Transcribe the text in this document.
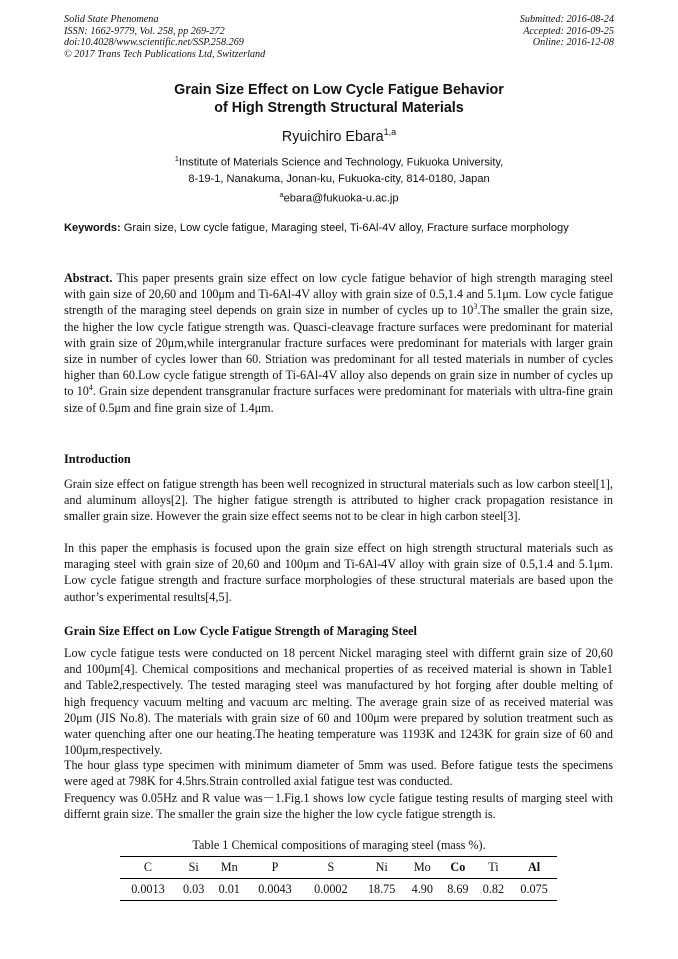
Solid State Phenomena
ISSN: 1662-9779, Vol. 258, pp 269-272
doi:10.4028/www.scientific.net/SSP.258.269
© 2017 Trans Tech Publications Ltd, Switzerland
Submitted: 2016-08-24
Accepted: 2016-09-25
Online: 2016-12-08
Grain Size Effect on Low Cycle Fatigue Behavior
of High Strength Structural Materials
Ryuichiro Ebara$^{1,a}$
$^1$Institute of Materials Science and Technology, Fukuoka University,
8-19-1, Nanakuma, Jonan-ku, Fukuoka-city, 814-0180, Japan
$^a$ebara@fukuoka-u.ac.jp
Keywords: Grain size, Low cycle fatigue, Maraging steel, Ti-6Al-4V alloy, Fracture surface morphology
Abstract. This paper presents grain size effect on low cycle fatigue behavior of high strength maraging steel with gain size of 20,60 and 100μm and Ti-6Al-4V alloy with grain size of 0.5,1.4 and 5.1μm. Low cycle fatigue strength of the maraging steel depends on grain size in number of cycles up to $10^3.The$ smaller the grain size, the higher the low cycle fatigue strength was. Quasci-cleavage fracture surfaces were predominant for material with grain size of 20μm,while intergranular fracture surfaces were predominant for materials with larger grain size in number of cycles lower than 60. Striation was predominant for all tested materials in number of cycles higher than 60.Low cycle fatigue strength of Ti-6Al-4V alloy also depends on grain size in number of cycles up to $10^4$. Grain size dependent transgranular fracture surfaces were predominant for materials with ultra-fine grain size of 0.5μm and fine grain size of 1.4μm.
Introduction
Grain size effect on fatigue strength has been well recognized in structural materials such as low carbon steel[1], and aluminum alloys[2]. The higher fatigue strength is attributed to higher crack propagation resistance in smaller grain size. However the grain size effect seems not to be clear in high carbon steel[3].
In this paper the emphasis is focused upon the grain size effect on high strength structural materials such as maraging steel with grain size of 20,60 and 100μm and Ti-6Al-4V alloy with grain size of 0.5,1.4 and 5.1μm. Low cycle fatigue strength and fracture surface morphologies of these structural materials are based upon the author’s experimental results[4,5].
Grain Size Effect on Low Cycle Fatigue Strength of Maraging Steel
Low cycle fatigue tests were conducted on 18 percent Nickel maraging steel with differnt grain size of 20,60 and 100μm[4]. Chemical compositions and mechanical properties of as received material is shown in Table1 and Table2,respectively. The tested maraging steel was manufactured by hot forging after double melting of high frequency vacuum melting and vacuum arc melting. The average grain size of as received material was 20μm (JIS No.8). The materials with grain size of 60 and 100μm were prepared by solution treatment such as water quenching after one our heating.The heating temperature was 1193K and 1243K for grain size of 60 and 100μm,respectively.
The hour glass type specimen with minimum diameter of 5mm was used. Before fatigue tests the specimens were aged at 798K for 4.5hrs.Strain controlled axial fatigue test was conducted.
Frequency was 0.05Hz and R value was－1.Fig.1 shows low cycle fatigue testing results of marging steel with differnt grain size. The smaller the grain size the higher the low cycle fatigue strength is.
Table 1 Chemical compositions of maraging steel (mass %).
C	Si	Mn	P	S	Ni	Mo	Co	Ti	Al
0.0013	0.03	0.01	0.0043	0.0002	18.75	4.90	8.69	0.82	0.075
